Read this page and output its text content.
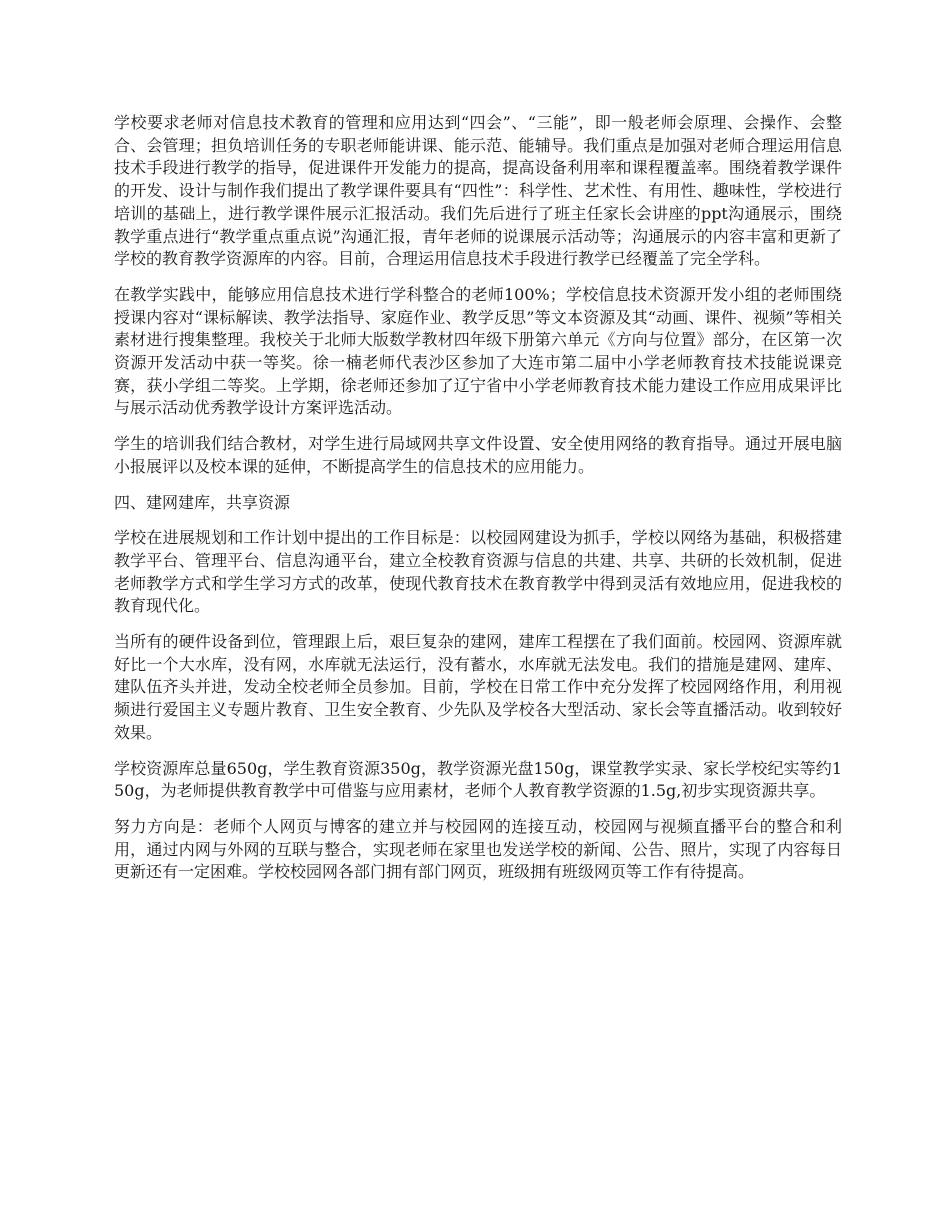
学校要求老师对信息技术教育的管理和应用达到“四会”、“三能”，即一般老师会原理、会操作、会整合、会管理；担负培训任务的专职老师能讲课、能示范、能辅导。我们重点是加强对老师合理运用信息技术手段进行教学的指导，促进课件开发能力的提高，提高设备利用率和课程覆盖率。围绕着教学课件的开发、设计与制作我们提出了教学课件要具有“四性”：科学性、艺术性、有用性、趣味性，学校进行培训的基础上，进行教学课件展示汇报活动。我们先后进行了班主任家长会讲座的ppt沟通展示，围绕教学重点进行“教学重点重点说”沟通汇报，青年老师的说课展示活动等；沟通展示的内容丰富和更新了学校的教育教学资源库的内容。目前，合理运用信息技术手段进行教学已经覆盖了完全学科。

在教学实践中，能够应用信息技术进行学科整合的老师100%；学校信息技术资源开发小组的老师围绕授课内容对“课标解读、教学法指导、家庭作业、教学反思”等文本资源及其“动画、课件、视频”等相关素材进行搜集整理。我校关于北师大版数学教材四年级下册第六单元《方向与位置》部分，在区第一次资源开发活动中获一等奖。徐一楠老师代表沙区参加了大连市第二届中小学老师教育技术技能说课竞赛，获小学组二等奖。上学期，徐老师还参加了辽宁省中小学老师教育技术能力建设工作应用成果评比与展示活动优秀教学设计方案评选活动。

学生的培训我们结合教材，对学生进行局域网共享文件设置、安全使用网络的教育指导。通过开展电脑小报展评以及校本课的延伸，不断提高学生的信息技术的应用能力。

四、建网建库，共享资源

学校在进展规划和工作计划中提出的工作目标是：以校园网建设为抓手，学校以网络为基础，积极搭建教学平台、管理平台、信息沟通平台，建立全校教育资源与信息的共建、共享、共研的长效机制，促进老师教学方式和学生学习方式的改革，使现代教育技术在教育教学中得到灵活有效地应用，促进我校的教育现代化。

当所有的硬件设备到位，管理跟上后，艰巨复杂的建网，建库工程摆在了我们面前。校园网、资源库就好比一个大水库，没有网，水库就无法运行，没有蓄水，水库就无法发电。我们的措施是建网、建库、建队伍齐头并进，发动全校老师全员参加。目前，学校在日常工作中充分发挥了校园网络作用，利用视频进行爱国主义专题片教育、卫生安全教育、少先队及学校各大型活动、家长会等直播活动。收到较好效果。

学校资源库总量650g，学生教育资源350g，教学资源光盘150g，课堂教学实录、家长学校纪实等约150g，为老师提供教育教学中可借鉴与应用素材，老师个人教育教学资源的1.5g,初步实现资源共享。

努力方向是：老师个人网页与博客的建立并与校园网的连接互动，校园网与视频直播平台的整合和利用，通过内网与外网的互联与整合，实现老师在家里也发送学校的新闻、公告、照片，实现了内容每日更新还有一定困难。学校校园网各部门拥有部门网页，班级拥有班级网页等工作有待提高。
